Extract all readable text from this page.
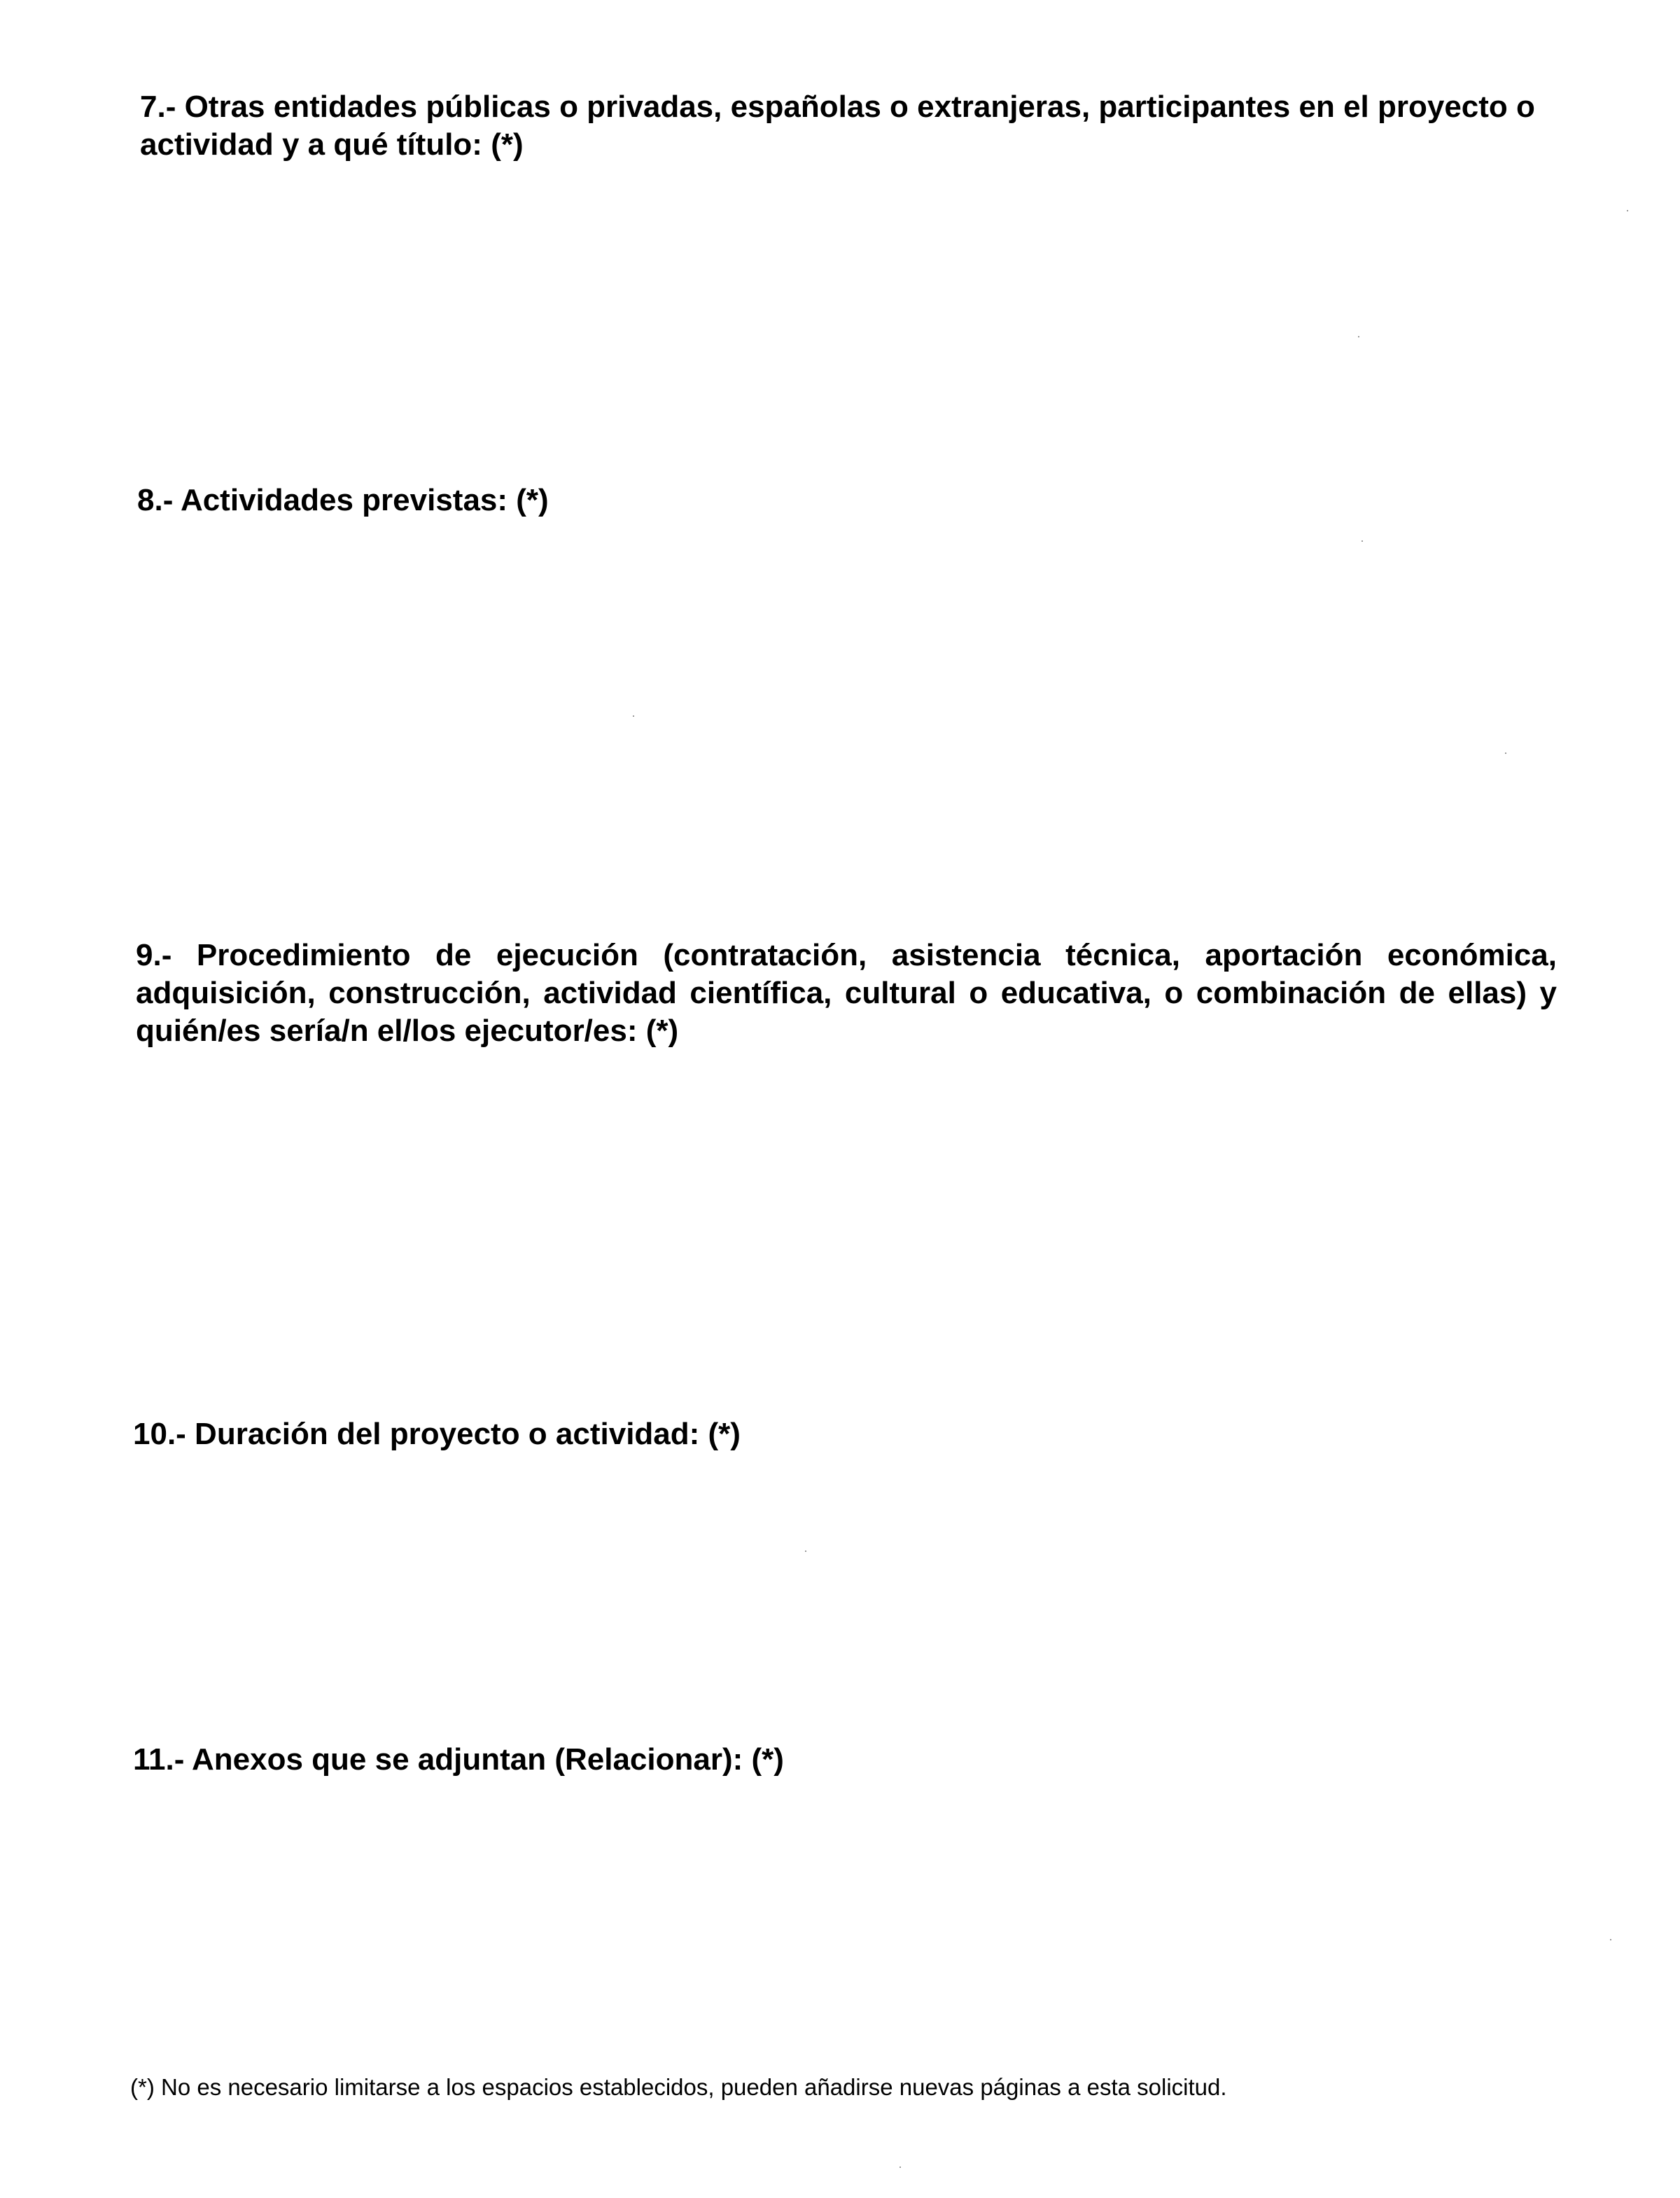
7.- Otras entidades públicas o privadas, españolas o extranjeras, participantes en el proyecto o actividad y a qué título: (*)

8.- Actividades previstas: (*)

9.- Procedimiento de ejecución (contratación, asistencia técnica, aportación económica,
adquisición, construcción, actividad científica, cultural o educativa, o combinación de ellas) y
quién/es sería/n el/los ejecutor/es: (*)

10.- Duración del proyecto o actividad: (*)

11.- Anexos que se adjuntan (Relacionar): (*)

(*) No es necesario limitarse a los espacios establecidos, pueden añadirse nuevas páginas a esta solicitud.
